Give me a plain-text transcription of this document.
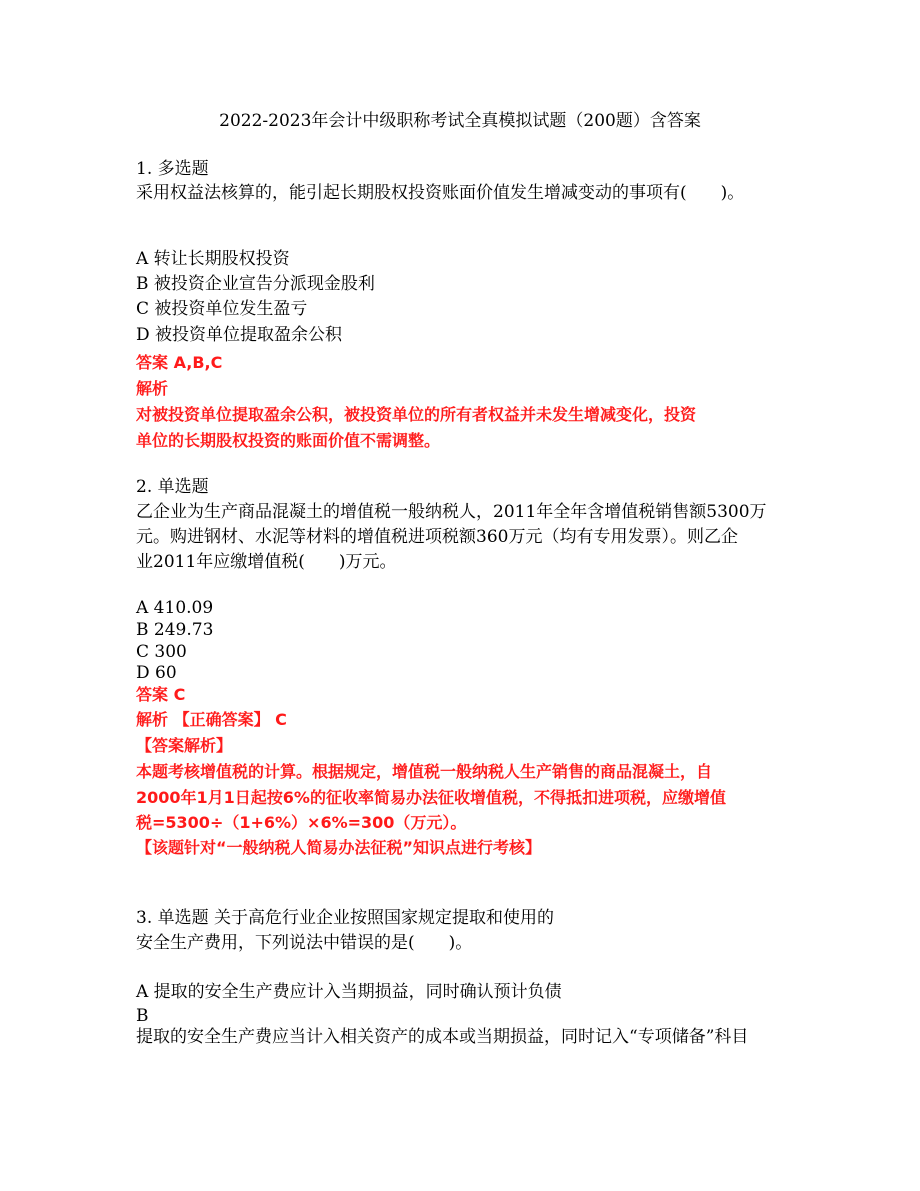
2022-2023年会计中级职称考试全真模拟试题（200题）含答案
1. 多选题
采用权益法核算的，能引起长期股权投资账面价值发生增减变动的事项有(　　)。
A 转让长期股权投资
B 被投资企业宣告分派现金股利
C 被投资单位发生盈亏
D 被投资单位提取盈余公积
答案 A,B,C
解析
对被投资单位提取盈余公积，被投资单位的所有者权益并未发生增减变化，投资
单位的长期股权投资的账面价值不需调整。
2. 单选题
乙企业为生产商品混凝土的增值税一般纳税人，2011年全年含增值税销售额5300万
元。购进钢材、水泥等材料的增值税进项税额360万元（均有专用发票）。则乙企
业2011年应缴增值税(　　)万元。
A 410.09
B 249.73
C 300
D 60
答案 C
解析 【正确答案】 C
【答案解析】
本题考核增值税的计算。根据规定，增值税一般纳税人生产销售的商品混凝土，自
2000年1月1日起按6%的征收率简易办法征收增值税，不得抵扣进项税，应缴增值
税=5300÷（1+6%）×6%=300（万元）。
【该题针对“一般纳税人简易办法征税”知识点进行考核】
3. 单选题 关于高危行业企业按照国家规定提取和使用的
安全生产费用，下列说法中错误的是(　　)。
A 提取的安全生产费应计入当期损益，同时确认预计负债
B
提取的安全生产费应当计入相关资产的成本或当期损益，同时记入“专项储备”科目
